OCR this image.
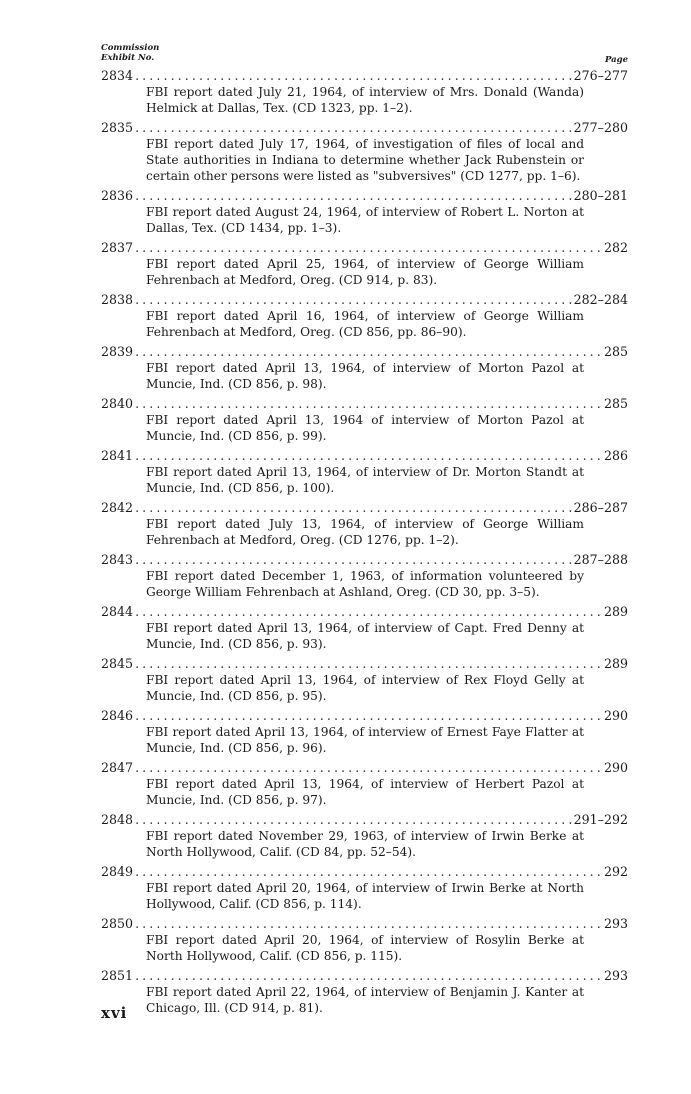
Commission
Exhibit No.	Page
2834 .....	276–277
FBI report dated July 21, 1964, of interview of Mrs. Donald (Wanda) Helmick at Dallas, Tex. (CD 1323, pp. 1–2).
2835 .....	277–280
FBI report dated July 17, 1964, of investigation of files of local and State authorities in Indiana to determine whether Jack Rubenstein or certain other persons were listed as "subversives" (CD 1277, pp. 1–6).
2836 .....	280–281
FBI report dated August 24, 1964, of interview of Robert L. Norton at Dallas, Tex. (CD 1434, pp. 1–3).
2837 .....	282
FBI report dated April 25, 1964, of interview of George William Fehrenbach at Medford, Oreg. (CD 914, p. 83).
2838 .....	282–284
FBI report dated April 16, 1964, of interview of George William Fehrenbach at Medford, Oreg. (CD 856, pp. 86–90).
2839 .....	285
FBI report dated April 13, 1964, of interview of Morton Pazol at Muncie, Ind. (CD 856, p. 98).
2840 .....	285
FBI report dated April 13, 1964 of interview of Morton Pazol at Muncie, Ind. (CD 856, p. 99).
2841 .....	286
FBI report dated April 13, 1964, of interview of Dr. Morton Standt at Muncie, Ind. (CD 856, p. 100).
2842 .....	286–287
FBI report dated July 13, 1964, of interview of George William Fehrenbach at Medford, Oreg. (CD 1276, pp. 1–2).
2843 .....	287–288
FBI report dated December 1, 1963, of information volunteered by George William Fehrenbach at Ashland, Oreg. (CD 30, pp. 3–5).
2844 .....	289
FBI report dated April 13, 1964, of interview of Capt. Fred Denny at Muncie, Ind. (CD 856, p. 93).
2845 .....	289
FBI report dated April 13, 1964, of interview of Rex Floyd Gelly at Muncie, Ind. (CD 856, p. 95).
2846 .....	290
FBI report dated April 13, 1964, of interview of Ernest Faye Flatter at Muncie, Ind. (CD 856, p. 96).
2847 .....	290
FBI report dated April 13, 1964, of interview of Herbert Pazol at Muncie, Ind. (CD 856, p. 97).
2848 .....	291–292
FBI report dated November 29, 1963, of interview of Irwin Berke at North Hollywood, Calif. (CD 84, pp. 52–54).
2849 .....	292
FBI report dated April 20, 1964, of interview of Irwin Berke at North Hollywood, Calif. (CD 856, p. 114).
2850 .....	293
FBI report dated April 20, 1964, of interview of Rosylin Berke at North Hollywood, Calif. (CD 856, p. 115).
2851 .....	293
FBI report dated April 22, 1964, of interview of Benjamin J. Kanter at Chicago, Ill. (CD 914, p. 81).
xvi
